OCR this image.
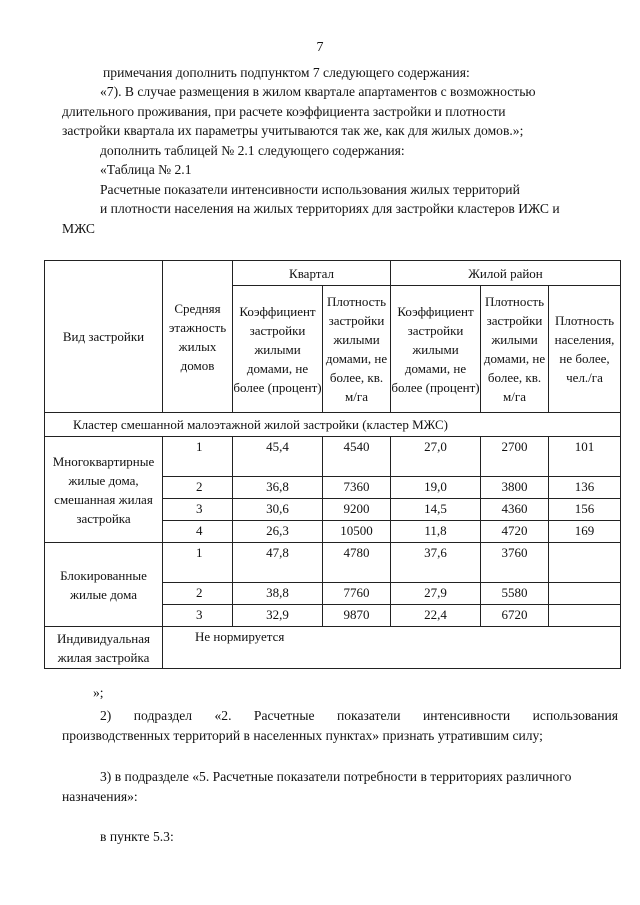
7
примечания дополнить подпунктом 7 следующего содержания:
«7). В случае размещения в жилом квартале апартаментов с возможностью
длительного проживания, при расчете коэффициента застройки и плотности
застройки квартала их параметры учитываются так же, как для жилых домов.»;
дополнить таблицей № 2.1 следующего содержания:
«Таблица № 2.1
Расчетные показатели интенсивности использования жилых территорий
и плотности населения на жилых территориях для застройки кластеров ИЖС и
МЖС
Вид застройки	Средняя этажность жилых домов	Квартал		Жилой район		
		Коэффициент застройки жилыми домами, не более (процент)	Плотность застройки жилыми домами, не более, кв. м/га	Коэффициент застройки жилыми домами, не более (процент)	Плотность застройки жилыми домами, не более, кв. м/га	Плотность населения, не более, чел./га
Кластер смешанной малоэтажной жилой застройки (кластер МЖС)						
Многоквартирные жилые дома, смешанная жилая застройка	1	45,4	4540	27,0	2700	101
	2	36,8	7360	19,0	3800	136
	3	30,6	9200	14,5	4360	156
	4	26,3	10500	11,8	4720	169
Блокированные жилые дома	1	47,8	4780	37,6	3760	
	2	38,8	7760	27,9	5580	
	3	32,9	9870	22,4	6720	
Индивидуальная жилая застройка	Не нормируется					
»;
2) подраздел «2. Расчетные показатели интенсивности использования
производственных территорий в населенных пунктах» признать утратившим силу;
3) в подразделе «5. Расчетные показатели потребности в территориях различного
назначения»:
в пункте 5.3:
